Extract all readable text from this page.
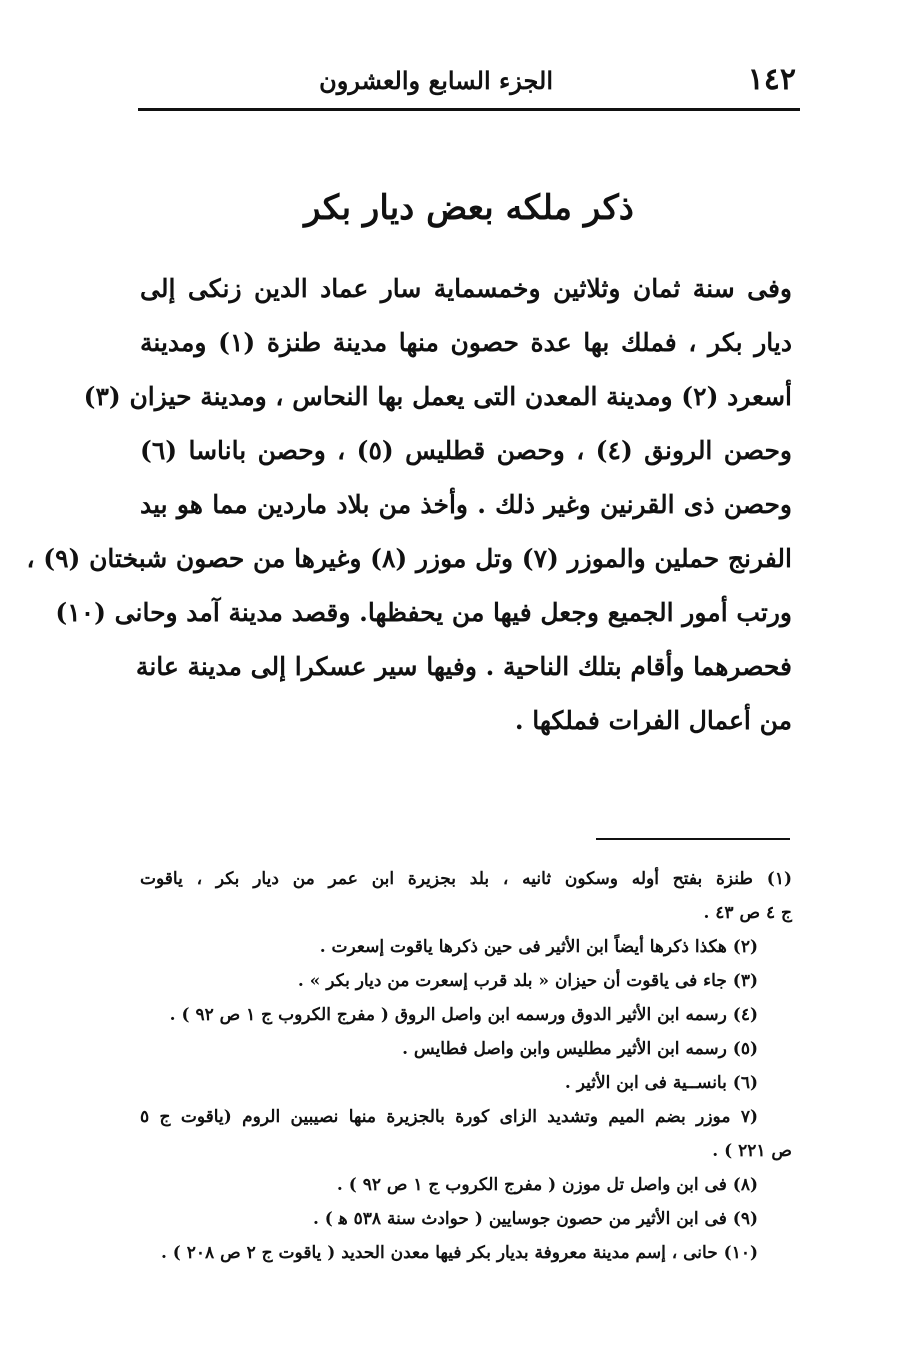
١٤٢
الجزء السابع والعشرون
ذكر ملكه بعض ديار بكر
وفى سنة ثمان وثلاثين وخمسماية سار عماد الدين زنكى إلى
ديار بكر ، فملك بها عدة حصون منها مدينة طنزة (١) ومدينة
أسعرد (٢) ومدينة المعدن التى يعمل بها النحاس ، ومدينة حيزان (٣)
وحصن الرونق (٤) ، وحصن قطليس (٥) ، وحصن باناسا (٦)
وحصن ذى القرنين وغير ذلك . وأخذ من بلاد ماردين مما هو بيد
الفرنج حملين والموزر (٧) وتل موزر (٨) وغيرها من حصون شبختان (٩) ،
ورتب أمور الجميع وجعل فيها من يحفظها. وقصد مدينة آمد وحانى (١٠)
فحصرهما وأقام بتلك الناحية . وفيها سير عسكرا إلى مدينة عانة
من أعمال الفرات فملكها .
(١) طنزة بفتح أوله وسكون ثانيه ، بلد بجزيرة ابن عمر من ديار بكر ، ياقوت
ج ٤ ص ٤٣ .
(٢) هكذا ذكرها أيضاً ابن الأثير فى حين ذكرها ياقوت إسعرت .
(٣) جاء فى ياقوت أن حيزان « بلد قرب إسعرت من ديار بكر » .
(٤) رسمه ابن الأثير الدوق ورسمه ابن واصل الروق ( مفرج الكروب ج ١ ص ٩٢ ) .
(٥) رسمه ابن الأثير مطليس وابن واصل فطايس .
(٦) بانســية فى ابن الأثير .
(٧ موزر بضم الميم وتشديد الزاى كورة بالجزيرة منها نصيبين الروم (ياقوت ج ٥
ص ٢٢١ ) .
(٨) فى ابن واصل تل موزن ( مفرج الكروب ج ١ ص ٩٢ ) .
(٩) فى ابن الأثير من حصون جوسايين ( حوادث سنة ٥٣٨ ﻫ ) .
(١٠) حانى ، إسم مدينة معروفة بديار بكر فيها معدن الحديد ( ياقوت ج ٢ ص ٢٠٨ ) .
